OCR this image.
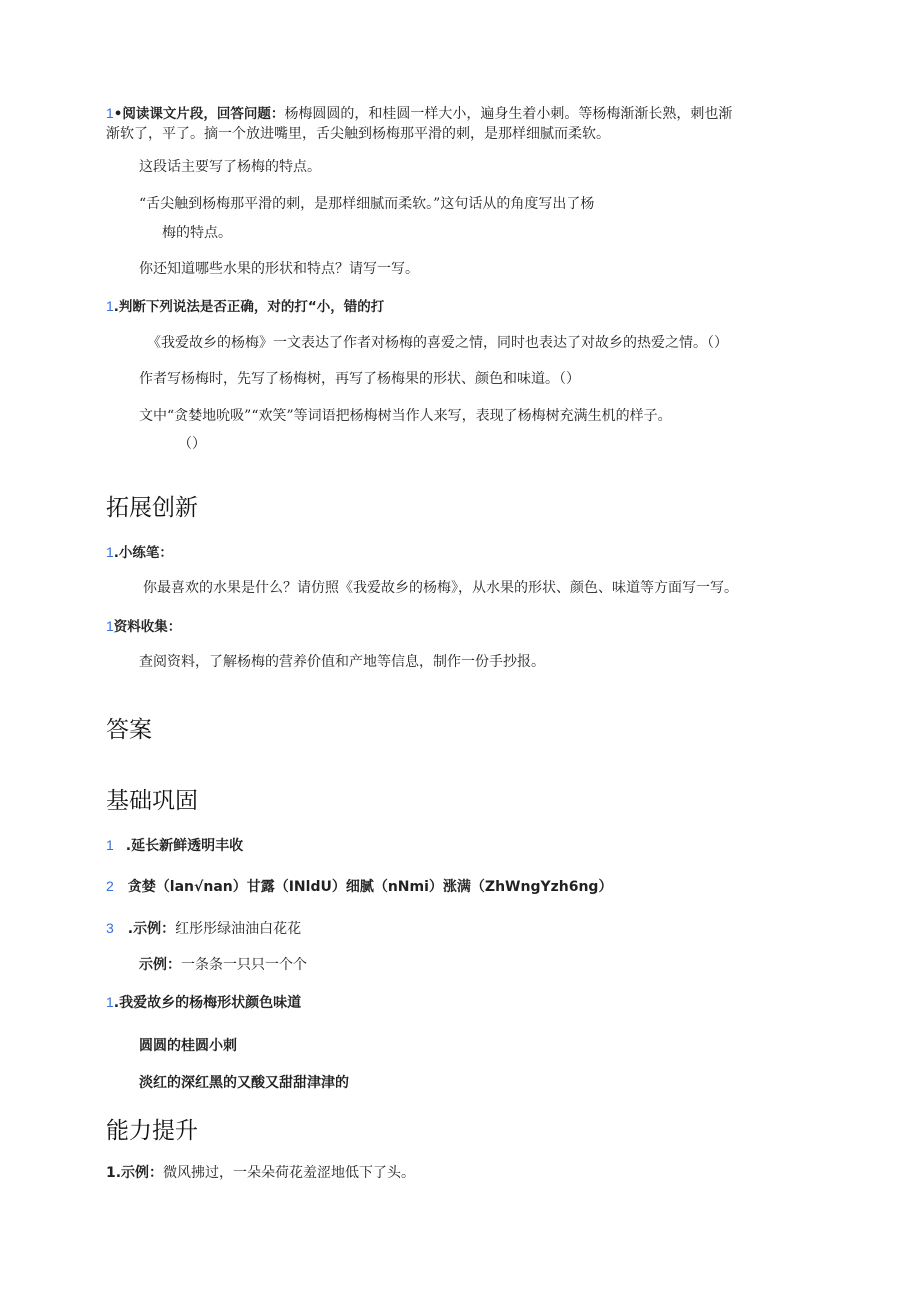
1•阅读课文片段，回答问题：杨梅圆圆的，和桂圆一样大小，遍身生着小刺。等杨梅渐渐长熟，刺也渐
渐软了，平了。摘一个放进嘴里，舌尖触到杨梅那平滑的刺，是那样细腻而柔软。
这段话主要写了杨梅的特点。
“舌尖触到杨梅那平滑的刺，是那样细腻而柔软。”这句话从的角度写出了杨
梅的特点。
你还知道哪些水果的形状和特点？请写一写。
1.判断下列说法是否正确，对的打“小，错的打
《我爱故乡的杨梅》一文表达了作者对杨梅的喜爱之情，同时也表达了对故乡的热爱之情。（）
作者写杨梅时，先写了杨梅树，再写了杨梅果的形状、颜色和味道。（）
文中“贪婪地吮吸”“欢笑”等词语把杨梅树当作人来写，表现了杨梅树充满生机的样子。
（）
拓展创新
1.小练笔：
你最喜欢的水果是什么？请仿照《我爱故乡的杨梅》，从水果的形状、颜色、味道等方面写一写。
1资料收集：
查阅资料，了解杨梅的营养价值和产地等信息，制作一份手抄报。
答案
基础巩固
1 .延长新鲜透明丰收
2 贪婪（lan√nan）甘露（INldU）细腻（nNmi）涨满（ZhWngYzh6ng）
3 .示例：红彤彤绿油油白花花
示例：一条条一只只一个个
1.我爱故乡的杨梅形状颜色味道
圆圆的桂圆小刺
淡红的深红黑的又酸又甜甜津津的
能力提升
1.示例：微风拂过，一朵朵荷花羞涩地低下了头。
